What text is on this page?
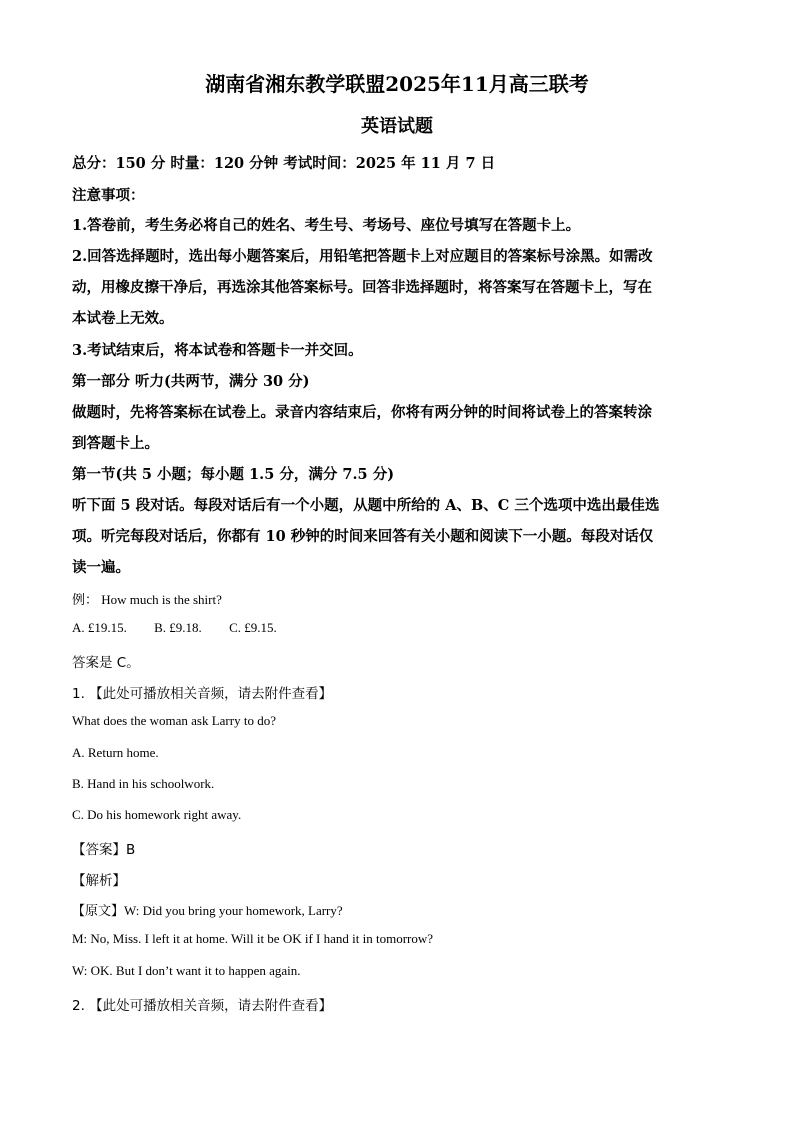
湖南省湘东教学联盟2025年11月高三联考
英语试题
总分：150 分 时量：120 分钟 考试时间：2025 年 11 月 7 日
注意事项：
1.答卷前，考生务必将自己的姓名、考生号、考场号、座位号填写在答题卡上。
2.回答选择题时，选出每小题答案后，用铅笔把答题卡上对应题目的答案标号涂黑。如需改
动，用橡皮擦干净后，再选涂其他答案标号。回答非选择题时，将答案写在答题卡上，写在
本试卷上无效。
3.考试结束后，将本试卷和答题卡一并交回。
第一部分 听力(共两节，满分 30 分)
做题时，先将答案标在试卷上。录音内容结束后，你将有两分钟的时间将试卷上的答案转涂
到答题卡上。
第一节(共 5 小题；每小题 1.5 分，满分 7.5 分)
听下面 5 段对话。每段对话后有一个小题，从题中所给的 A、B、C 三个选项中选出最佳选
项。听完每段对话后，你都有 10 秒钟的时间来回答有关小题和阅读下一小题。每段对话仅
读一遍。
例： How much is the shirt?
A. £19.15. B. £9.18. C. £9.15.
答案是 C。
1. 【此处可播放相关音频，请去附件查看】
What does the woman ask Larry to do?
A. Return home.
B. Hand in his schoolwork.
C. Do his homework right away.
【答案】B
【解析】
【原文】W: Did you bring your homework, Larry?
M: No, Miss. I left it at home. Will it be OK if I hand it in tomorrow?
W: OK. But I don’t want it to happen again.
2. 【此处可播放相关音频，请去附件查看】
